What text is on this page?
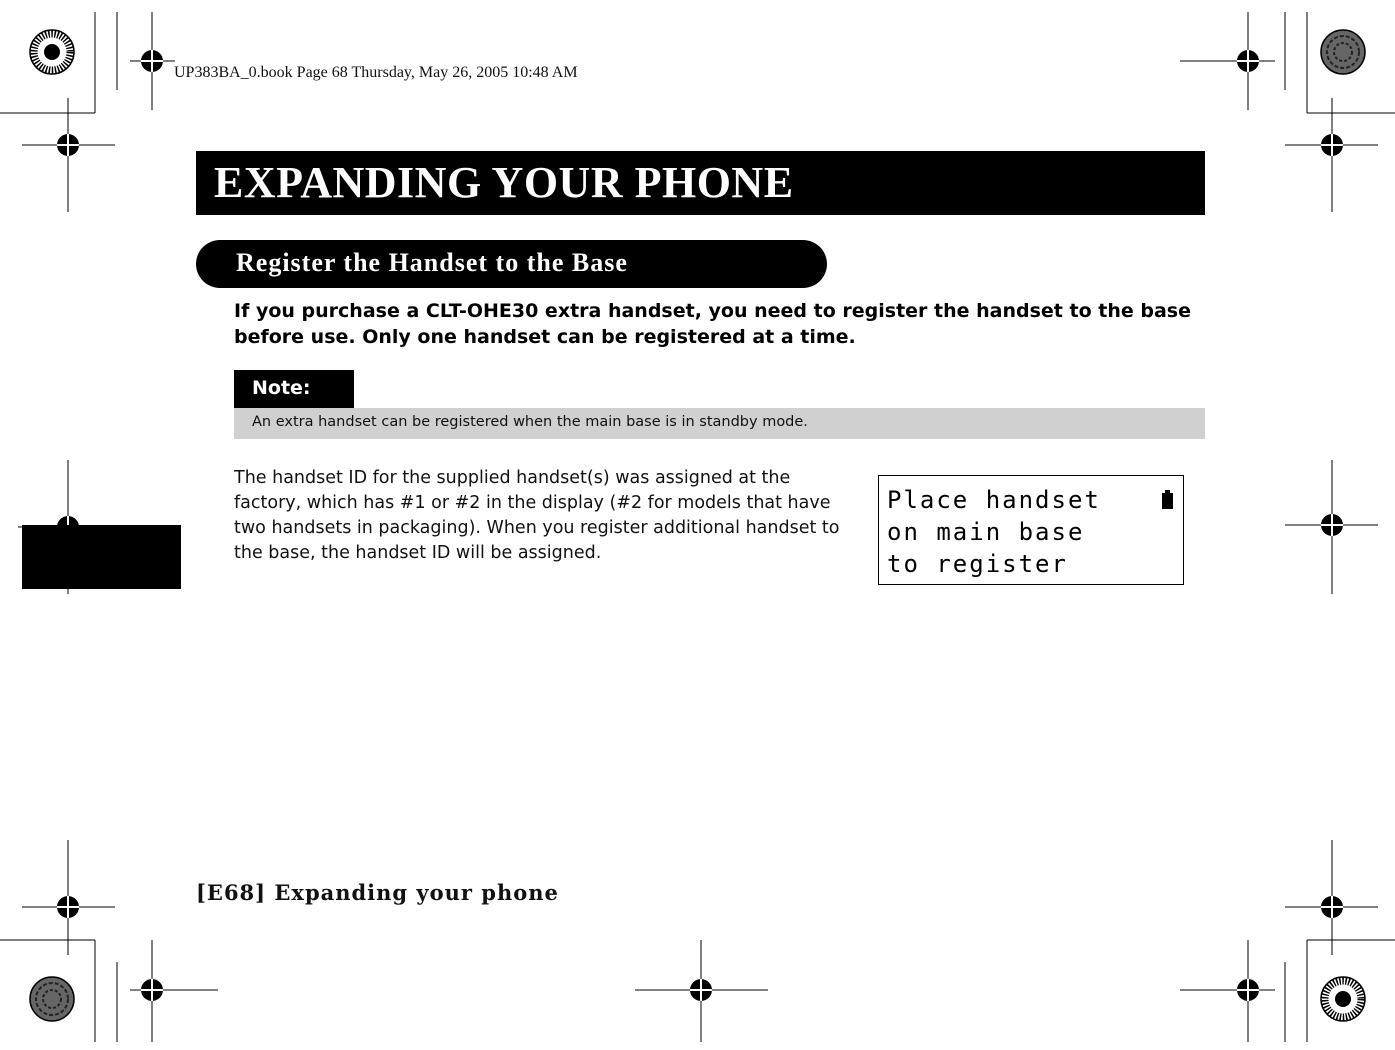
UP383BA_0.book Page 68 Thursday, May 26, 2005 10:48 AM
EXPANDING YOUR PHONE
Register the Handset to the Base
If you purchase a CLT-OHE30 extra handset, you need to register the handset to the base before use. Only one handset can be registered at a time.
Note:
An extra handset can be registered when the main base is in standby mode.
The handset ID for the supplied handset(s) was assigned at the factory, which has #1 or #2 in the display (#2 for models that have two handsets in packaging). When you register additional handset to the base, the handset ID will be assigned.
Place handset
on main base
to register
[E68] Expanding your phone
